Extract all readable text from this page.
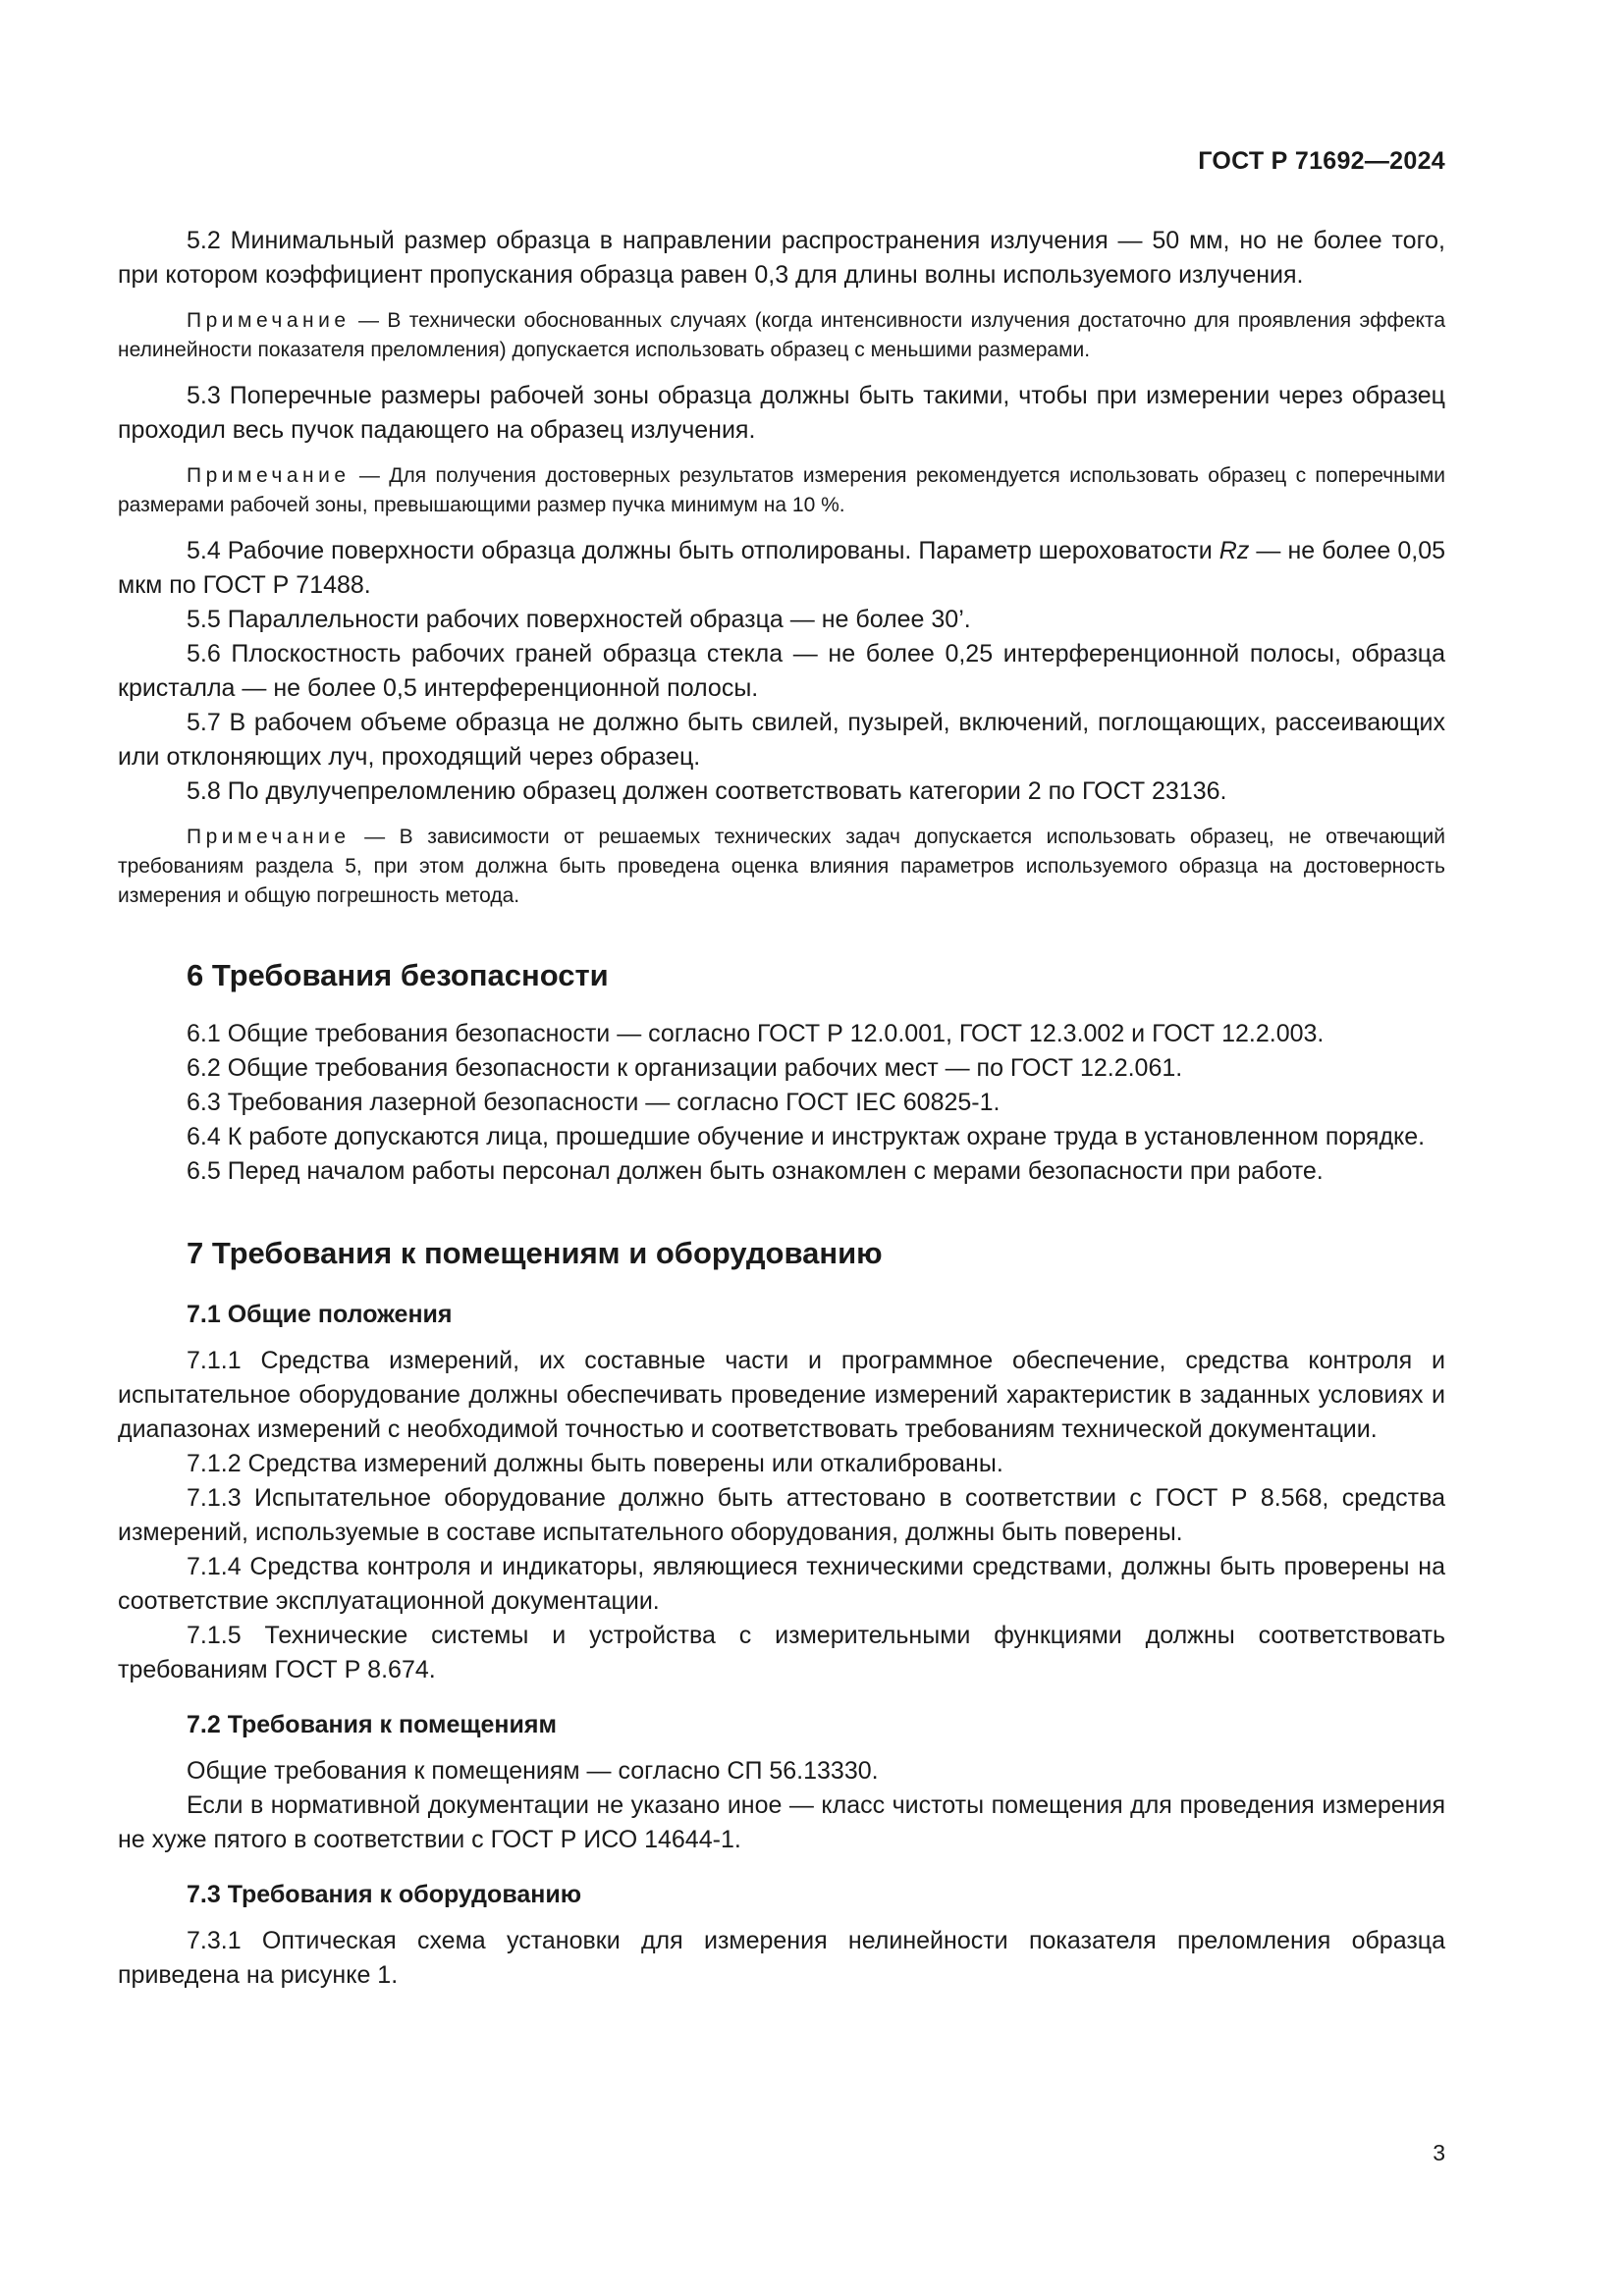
ГОСТ Р 71692—2024

5.2 Минимальный размер образца в направлении распространения излучения — 50 мм, но не более того, при котором коэффициент пропускания образца равен 0,3 для длины волны используемого излучения.

Примечание — В технически обоснованных случаях (когда интенсивности излучения достаточно для проявления эффекта нелинейности показателя преломления) допускается использовать образец с меньшими размерами.

5.3 Поперечные размеры рабочей зоны образца должны быть такими, чтобы при измерении через образец проходил весь пучок падающего на образец излучения.

Примечание — Для получения достоверных результатов измерения рекомендуется использовать образец с поперечными размерами рабочей зоны, превышающими размер пучка минимум на 10 %.

5.4 Рабочие поверхности образца должны быть отполированы. Параметр шероховатости Rz — не более 0,05 мкм по ГОСТ Р 71488.

5.5 Параллельности рабочих поверхностей образца — не более 30’.

5.6 Плоскостность рабочих граней образца стекла — не более 0,25 интерференционной полосы, образца кристалла — не более 0,5 интерференционной полосы.

5.7 В рабочем объеме образца не должно быть свилей, пузырей, включений, поглощающих, рассеивающих или отклоняющих луч, проходящий через образец.

5.8 По двулучепреломлению образец должен соответствовать категории 2 по ГОСТ 23136.

Примечание — В зависимости от решаемых технических задач допускается использовать образец, не отвечающий требованиям раздела 5, при этом должна быть проведена оценка влияния параметров используемого образца на достоверность измерения и общую погрешность метода.

6 Требования безопасности

6.1 Общие требования безопасности — согласно ГОСТ Р 12.0.001, ГОСТ 12.3.002 и ГОСТ 12.2.003.

6.2 Общие требования безопасности к организации рабочих мест — по ГОСТ 12.2.061.

6.3 Требования лазерной безопасности — согласно ГОСТ IEC 60825-1.

6.4 К работе допускаются лица, прошедшие обучение и инструктаж охране труда в установленном порядке.

6.5 Перед началом работы персонал должен быть ознакомлен с мерами безопасности при работе.

7 Требования к помещениям и оборудованию
7.1 Общие положения

7.1.1 Средства измерений, их составные части и программное обеспечение, средства контроля и испытательное оборудование должны обеспечивать проведение измерений характеристик в заданных условиях и диапазонах измерений с необходимой точностью и соответствовать требованиям технической документации.

7.1.2 Средства измерений должны быть поверены или откалиброваны.

7.1.3 Испытательное оборудование должно быть аттестовано в соответствии с ГОСТ Р 8.568, средства измерений, используемые в составе испытательного оборудования, должны быть поверены.

7.1.4 Средства контроля и индикаторы, являющиеся техническими средствами, должны быть проверены на соответствие эксплуатационной документации.

7.1.5 Технические системы и устройства с измерительными функциями должны соответствовать требованиям ГОСТ Р 8.674.

7.2 Требования к помещениям

Общие требования к помещениям — согласно СП 56.13330.

Если в нормативной документации не указано иное — класс чистоты помещения для проведения измерения не хуже пятого в соответствии с ГОСТ Р ИСО 14644-1.

7.3 Требования к оборудованию

7.3.1 Оптическая схема установки для измерения нелинейности показателя преломления образца приведена на рисунке 1.

3
